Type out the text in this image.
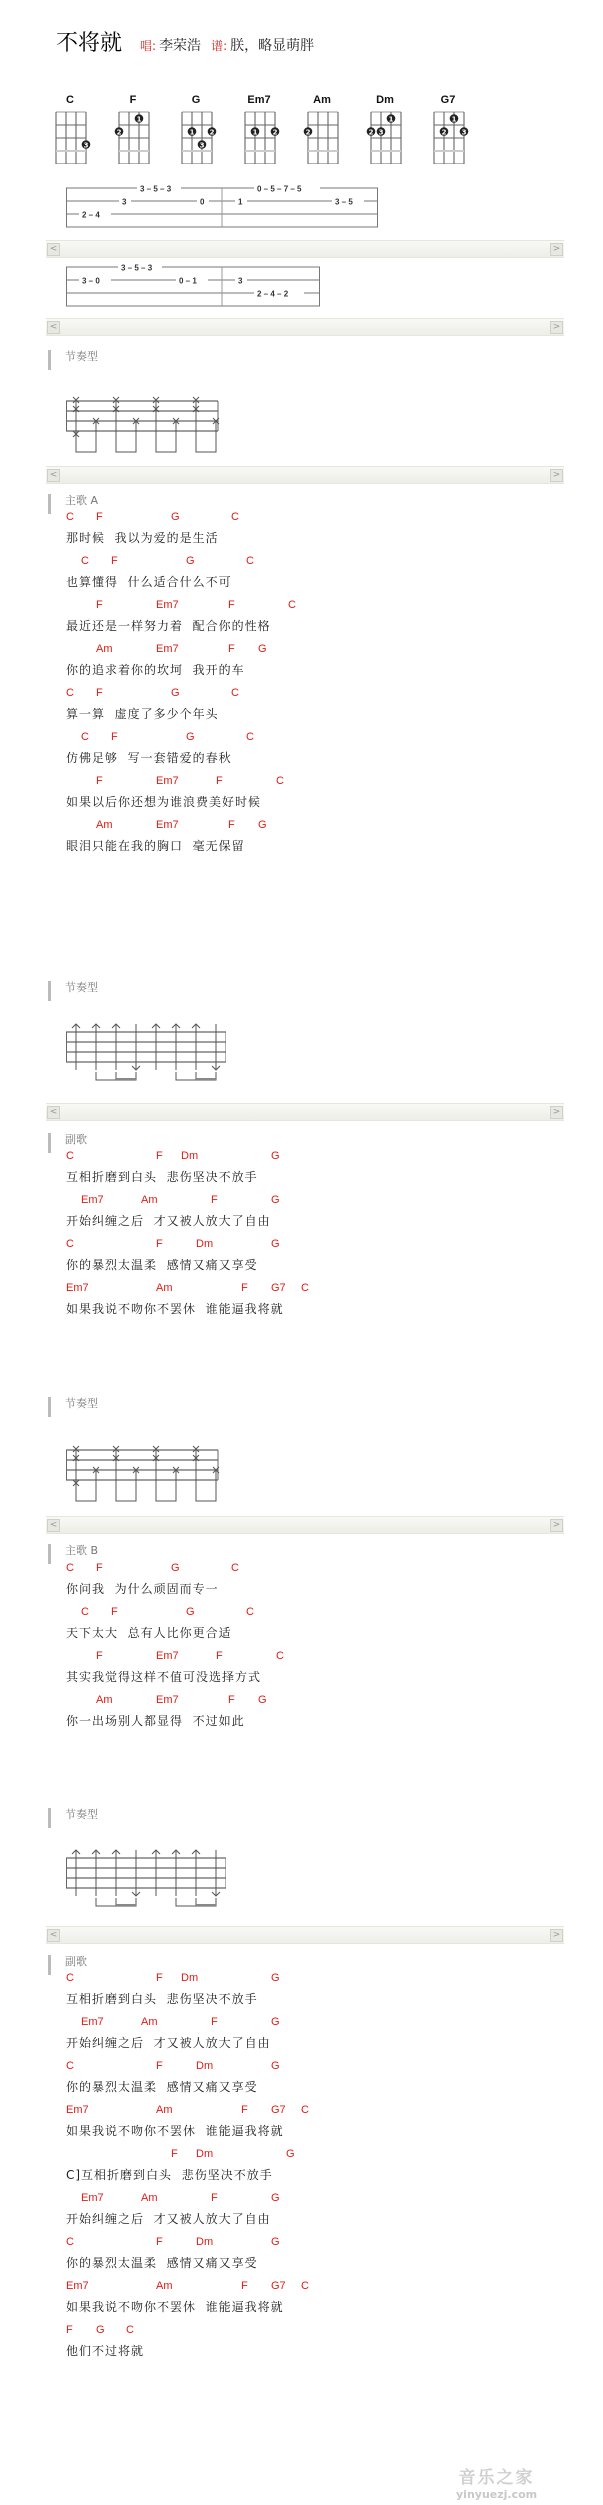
不将就 唱: 李荣浩 谱: 朕，略显萌胖
C
3
F
1
2
G
1 2
3
Em7
1 2
Am
2
Dm
1
2 3
G7
1
2 3
3 – 5 – 3	0 – 5 – 7 – 5
3	0	1	3 – 5
2 – 4
<	>
3 – 5 – 3
3 – 0	0 – 1	3
2 – 4 – 2
<	>
节奏型
<	>
主歌 A
C F	G	C
那时候  我以为爱的是生活
C F	G	C
也算懂得  什么适合什么不可
F	Em7	F	C
最近还是一样努力着  配合你的性格
Am	Em7	F G
你的追求着你的坎坷  我开的车
C F	G	C
算一算  虚度了多少个年头
C F	G	C
仿佛足够  写一套错爱的春秋
F	Em7	F	C
如果以后你还想为谁浪费美好时候
Am	Em7	F G
眼泪只能在我的胸口  毫无保留
节奏型
<	>
副歌
C	F Dm	G
互相折磨到白头  悲伤坚决不放手
Em7	Am	F	G
开始纠缠之后  才又被人放大了自由
C	F	Dm	G
你的暴烈太温柔  感情又痛又享受
Em7	Am	F G7 C
如果我说不吻你不罢休  谁能逼我将就
节奏型
<	>
主歌 B
C F	G	C
你问我  为什么顽固而专一
C F	G	C
天下太大  总有人比你更合适
F	Em7	F	C
其实我觉得这样不值可没选择方式
Am	Em7	F G
你一出场别人都显得  不过如此
节奏型
<	>
副歌
C	F Dm	G
互相折磨到白头  悲伤坚决不放手
Em7	Am	F	G
开始纠缠之后  才又被人放大了自由
C	F	Dm	G
你的暴烈太温柔  感情又痛又享受
Em7	Am	F G7 C
如果我说不吻你不罢休  谁能逼我将就
F Dm	G
C]互相折磨到白头  悲伤坚决不放手
Em7	Am	F	G
开始纠缠之后  才又被人放大了自由
C	F	Dm	G
你的暴烈太温柔  感情又痛又享受
Em7	Am	F G7 C
如果我说不吻你不罢休  谁能逼我将就
F G C
他们不过将就
音乐之家
yinyuezj.com
